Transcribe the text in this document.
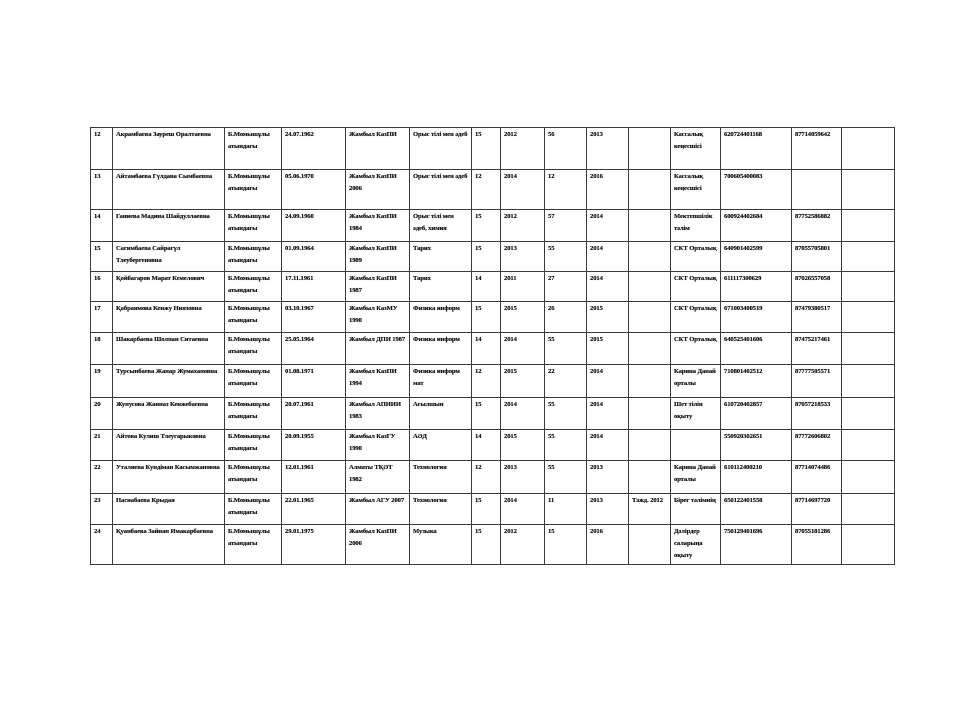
12	Акрамбаева Зауреш Оралтаевна	Б.Момышұлы атындағы	24.07.1962	Жамбыл КазПИ	Орыс тілі мен әдеб	15	2012	56	2013		Кассалық кеңесшісі	620724401168	87714059642	
13	Айтамбаева Гүлдана Сымбаевна	Б.Момышұлы атындағы	05.06.1970	Жамбыл КазПИ 2006	Орыс тілі мен әдеб	12	2014	12	2016		Кассалық кеңесшісі	700605400083		
14	Ганиева Мадина Шайдуллаевна	Б.Момышұлы атындағы	24.09.1960	Жамбыл КазПИ 1984	Орыс тілі мен әдеб, химия	15	2012	57	2014		Мектепшілік тәлім	600924402684	87752586882	
15	Сагимбаева Сайрагүл Тлеубергеновна	Б.Момышұлы атындағы	01.09.1964	Жамбыл КазПИ 1989	Тарих	15	2013	55	2014		СКТ Орталық	640901402599	87055705801	
16	Қойбагаров Марат Кемелович	Б.Момышұлы атындағы	17.11.1961	Жамбыл КазПИ 1987	Тарих	14	2011	27	2014		СКТ Орталық	611117300629	87026557058	
17	Қабраимова Кенжу Ниязовна	Б.Момышұлы атындағы	03.10.1967	Жамбыл КазМУ 1990	Физика информ	15	2015	26	2015		СКТ Орталық	671003400519	87479380517	
18	Шакарбаева Шолпан Ситаевна	Б.Момышұлы атындағы	25.05.1964	Жамбыл ДПИ 1987	Физика информ	14	2014	55	2015		СКТ Орталық	640525401606	87475217461	
19	Турсынбаева Жанар Жумахановна	Б.Момышұлы атындағы	01.08.1971	Жамбыл КазПИ 1994	Физика информ мат	12	2015	22	2014		Карина Данай орталы	710801402512	87777505571	
20	Жунусова Жанназ Кенжебаевна	Б.Момышұлы атындағы	20.07.1961	Жамбыл АПИИИ 1983	Ағылшын	15	2014	55	2014		Шет тілін оқыту	610720402857	87057218533	
21	Айтова Кулиш Тлеугарыковна	Б.Момышұлы атындағы	20.09.1955	Жамбыл КазГУ 1990	АӘД	14	2015	55	2014			550920302651	87772606802	
22	Уталиева Кундіман Касымжановна	Б.Момышұлы атындағы	12.01.1961	Алматы ТҚӘТ 1982	Технология	12	2013	55	2013		Карина Данай орталы	610112400210	87714074486	
23	Насиабаева Крыдая	Б.Момышұлы атындағы	22.01.1965	Жамбыл АГУ 2007	Технология	15	2014	11	2013	Тәжд. 2012	Бірег тәлімнің	650122401558	87714697720	
24	Қуанбаева Зайнап Имакарбаевна	Б.Момышұлы атындағы	29.01.1975	Жамбыл КазПИ 2006	Музыка	15	2012	15	2016		Дәлірдер саларыңа оқыту	750129401696	87055181286	
